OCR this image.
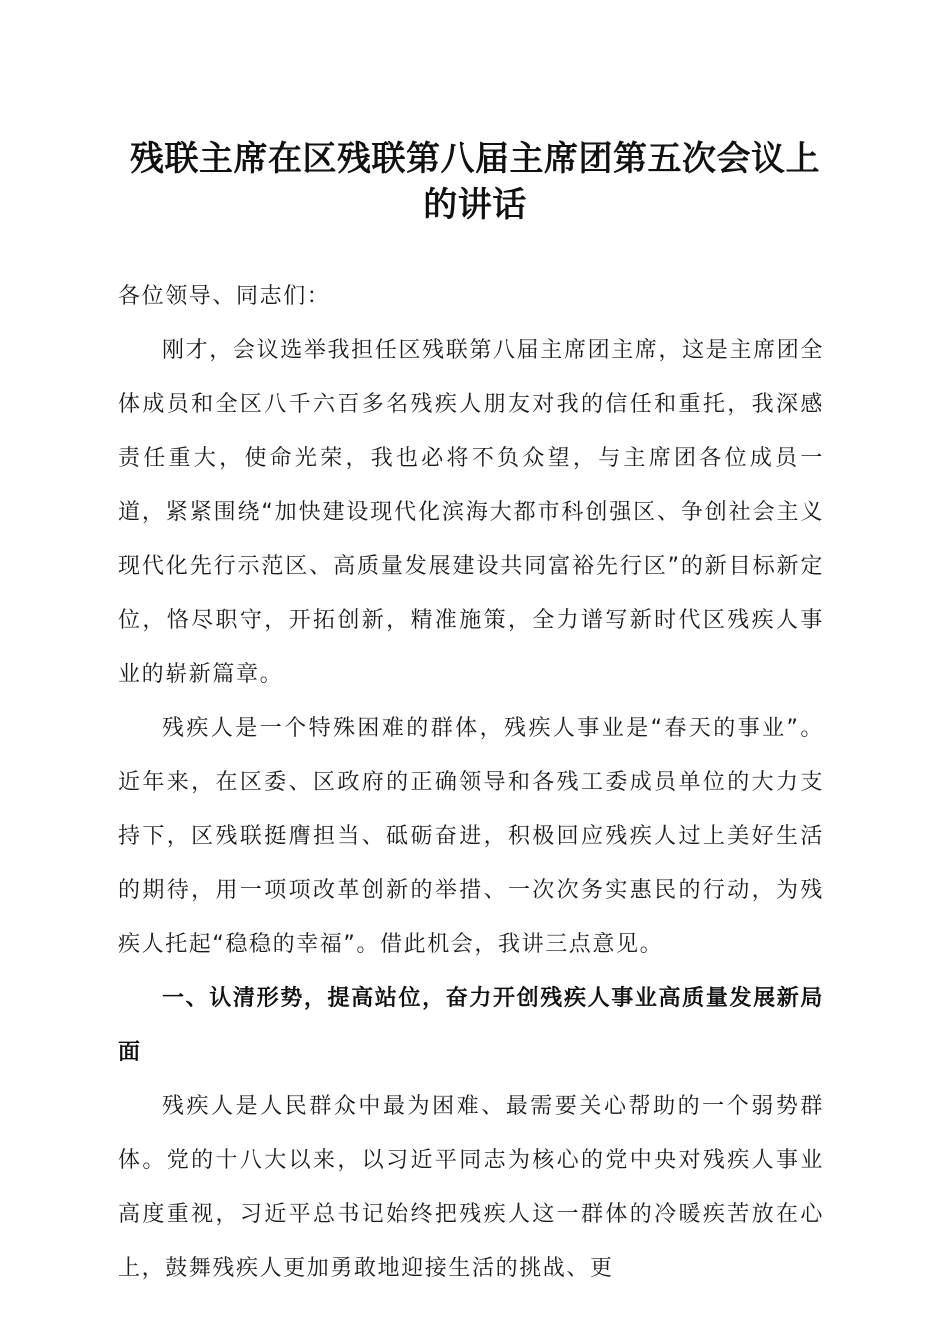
残联主席在区残联第八届主席团第五次会议上的讲话

各位领导、同志们：

刚才，会议选举我担任区残联第八届主席团主席，这是主席团全体成员和全区八千六百多名残疾人朋友对我的信任和重托，我深感责任重大，使命光荣，我也必将不负众望，与主席团各位成员一道，紧紧围绕“加快建设现代化滨海大都市科创强区、争创社会主义现代化先行示范区、高质量发展建设共同富裕先行区”的新目标新定位，恪尽职守，开拓创新，精准施策，全力谱写新时代区残疾人事业的崭新篇章。

残疾人是一个特殊困难的群体，残疾人事业是“春天的事业”。近年来，在区委、区政府的正确领导和各残工委成员单位的大力支持下，区残联挺膺担当、砥砺奋进，积极回应残疾人过上美好生活的期待，用一项项改革创新的举措、一次次务实惠民的行动，为残疾人托起“稳稳的幸福”。借此机会，我讲三点意见。

一、认清形势，提高站位，奋力开创残疾人事业高质量发展新局面

残疾人是人民群众中最为困难、最需要关心帮助的一个弱势群体。党的十八大以来，以习近平同志为核心的党中央对残疾人事业高度重视，习近平总书记始终把残疾人这一群体的冷暖疾苦放在心上，鼓舞残疾人更加勇敢地迎接生活的挑战、更
